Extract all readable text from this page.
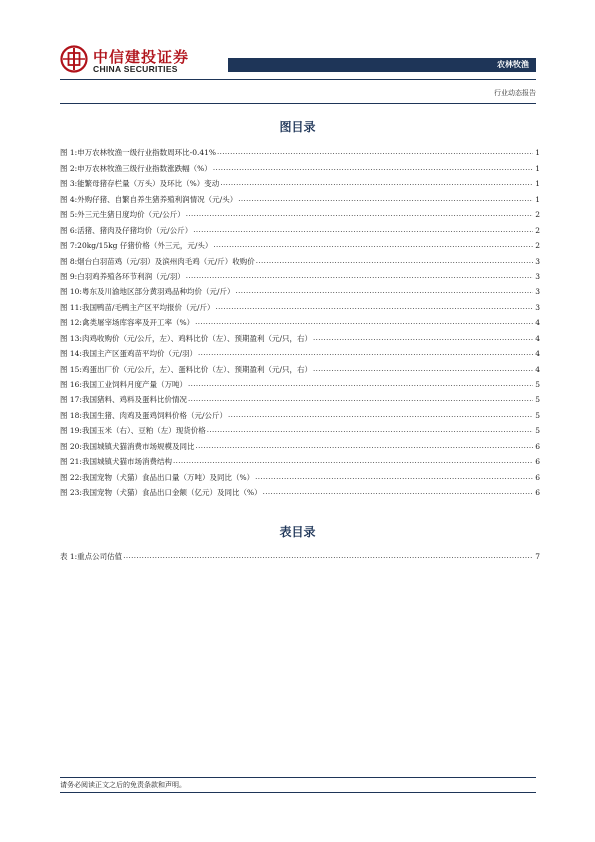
中信建投证券
CHINA SECURITIES	农林牧渔
行业动态报告
图目录
图 1:申万农林牧渔一级行业指数周环比-0.41% .....	1
图 2:申万农林牧渔三级行业指数涨跌幅（%） .....	1
图 3:能繁母猪存栏量（万头）及环比（%）变动 .....	1
图 4:外购仔猪、自繁自养生猪养殖利润情况（元/头） .....	1
图 5:外三元生猪日度均价（元/公斤） .....	2
图 6:活猪、猪肉及仔猪均价（元/公斤） .....	2
图 7:20kg/15kg 仔猪价格（外三元，元/头） .....	2
图 8:烟台白羽苗鸡（元/羽）及滨州肉毛鸡（元/斤）收购价 .....	3
图 9:白羽鸡养殖各环节利润（元/羽） .....	3
图 10:粤东及川渝地区部分黄羽鸡品种均价（元/斤） .....	3
图 11:我国鸭苗/毛鸭主产区平均报价（元/斤） .....	3
图 12:禽类屠宰场库容率及开工率（%） .....	4
图 13:肉鸡收购价（元/公斤，左）、鸡料比价（左）、预期盈利（元/只，右） .....	4
图 14:我国主产区蛋鸡苗平均价（元/羽） .....	4
图 15:鸡蛋出厂价（元/公斤，左）、蛋料比价（左）、预期盈利（元/只，右） .....	4
图 16:我国工业饲料月度产量（万吨） .....	5
图 17:我国猪料、鸡料及蛋料比价情况 .....	5
图 18:我国生猪、肉鸡及蛋鸡饲料价格（元/公斤） .....	5
图 19:我国玉米（右）、豆粕（左）现货价格 .....	5
图 20:我国城镇犬猫消费市场规模及同比 .....	6
图 21:我国城镇犬猫市场消费结构 .....	6
图 22:我国宠物（犬猫）食品出口量（万吨）及同比（%） .....	6
图 23:我国宠物（犬猫）食品出口金额（亿元）及同比（%） .....	6
表目录
表 1:重点公司估值 .....	7
请务必阅读正文之后的免责条款和声明。
